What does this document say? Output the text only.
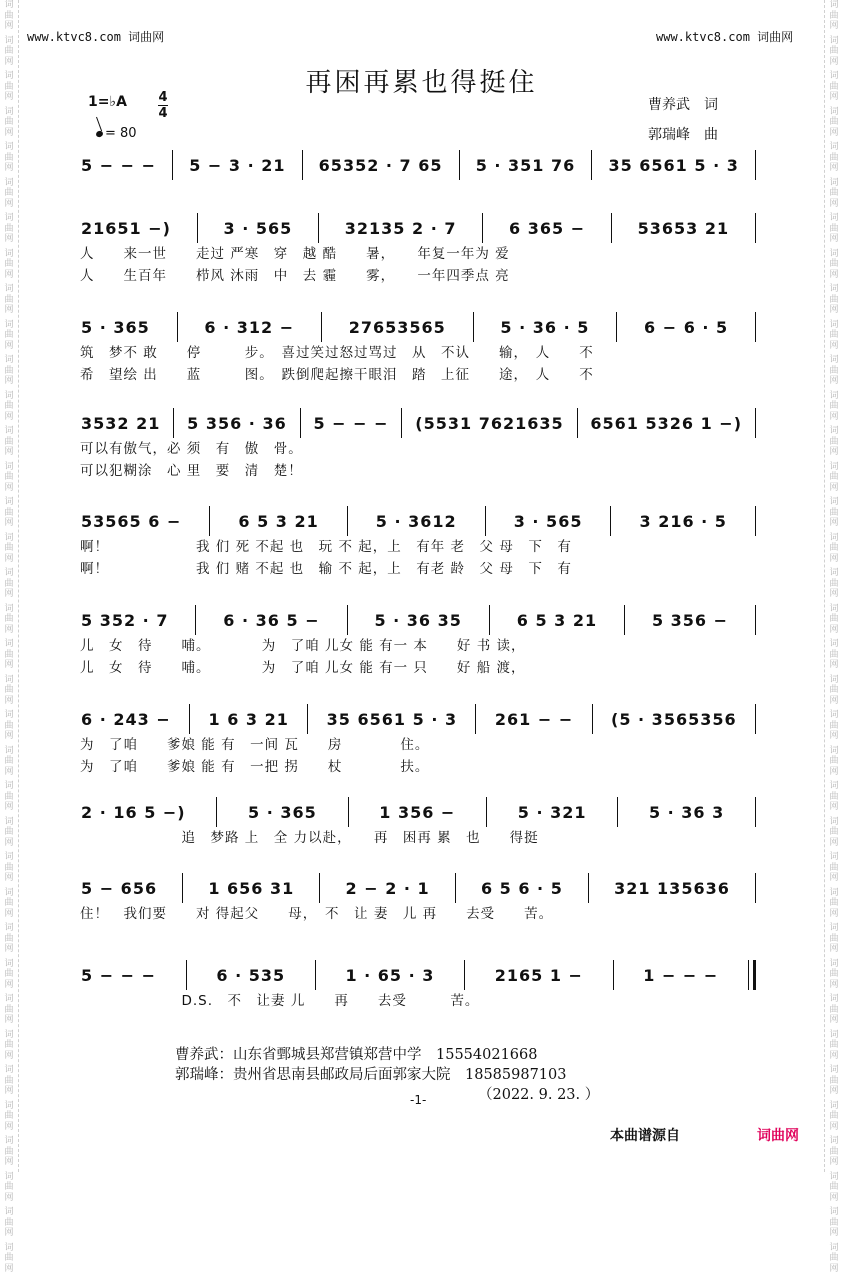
词
曲
网
词
曲
网
词
曲
网
词
曲
网
词
曲
网
词
曲
网
词
曲
网
词
曲
网
词
曲
网
词
曲
网
词
曲
网
词
曲
网
词
曲
网
词
曲
网
词
曲
网
词
曲
网
词
曲
网
词
曲
网
词
曲
网
词
曲
网
词
曲
网
词
曲
网
词
曲
网
词
曲
网
词
曲
网
词
曲
网
词
曲
网
词
曲
网
词
曲
网
词
曲
网
词
曲
网
词
曲
网
词
曲
网
词
曲
网
词
曲
网
词
曲
网
词
曲
网
词
曲
网
词
曲
网
词
曲
网
词
曲
网
词
曲
网
词
曲
网
词
曲
网
词
曲
网
词
曲
网
词
曲
网
词
曲
网
词
曲
网
词
曲
网
词
曲
网
词
曲
网
词
曲
网
词
曲
网
词
曲
网
词
曲
网
词
曲
网
词
曲
网
词
曲
网
词
曲
网
词
曲
网
词
曲
网
词
曲
网
词
曲
网
词
曲
网
词
曲
网
词
曲
网
词
曲
网
词
曲
网
词
曲
网
词
曲
网
词
曲
网
www.ktvc8.com 词曲网	www.ktvc8.com 词曲网
再困再累也得挺住
1=♭A 4
4
= 80
曹养武　词
郭瑞峰　曲
5 − − − 5 − 3 · 21 65352 · 7 65 5 · 351 76 35 6561 5 · 3
21651 −)	3 · 565	32135 2 · 7	6 365 −	53653 21
人　　来一世　　走过 严寒　穿　越 酷　　暑，　　年复一年为 爱
人　　生百年　　栉风 沐雨　中　去 霾　　雾，　　一年四季点 亮
5 · 365	6 · 312 −	27653565	5 · 36 · 5	6 − 6 · 5
筑　梦不 敢　　停　　　步。　喜过笑过怒过骂过　从　不认　　输，　人　　不
希　望绘 出　　蓝　　　图。　跌倒爬起擦干眼泪　踏　上征　　途，　人　　不
3532 21 5 356 · 36 5 − − − (5531 7621635 6561 5326 1 −)
可以有傲气，必 须　有　傲　骨。
可以犯糊涂　心 里　要　清　楚！
53565 6 −	6 5 3 21	5 · 3612	3 · 565	3 216 · 5
啊！　　　　　　我 们 死 不起 也　玩 不 起，上　有年 老　父 母　下　有
啊！　　　　　　我 们 赌 不起 也　输 不 起，上　有老 龄　父 母　下　有
5 352 · 7	6 · 36 5 −	5 · 36 35	6 5 3 21	5 356 −
儿　女　待　　哺。　　　　为　了咱 儿女 能 有一 本　　好 书 读，
儿　女　待　　哺。　　　　为　了咱 儿女 能 有一 只　　好 船 渡，
6 · 243 − 1 6 3 21 35 6561 5 · 3 261 − − (5 · 3565356
为　了咱　　爹娘 能 有　一间 瓦　　房　　　　住。
为　了咱　　爹娘 能 有　一把 拐　　杖　　　　扶。
2 · 16 5 −)	5 · 365	1 356 −	5 · 321	5 · 36 3
　　　　　　　追　梦路 上　全 力以赴，　　再　困再 累　也　　得挺
5 − 656	1 656 31	2 − 2 · 1	6 5 6 · 5	321 135636
住！　我们要　　对 得起父　　母，　不　让 妻　儿 再　　去受　　苦。
5 − − −	6 · 535	1 · 65 · 3	2165 1 −	1 − − −
　　　　　　　D.S.　不　让妻 儿　　再　　去受　　　苦。
曹养武：山东省鄄城县郑营镇郑营中学　15554021668
郭瑞峰：贵州省思南县邮政局后面郭家大院　18585987103
-1-	（2022. 9. 23. ）
本曲谱源自	词曲网
